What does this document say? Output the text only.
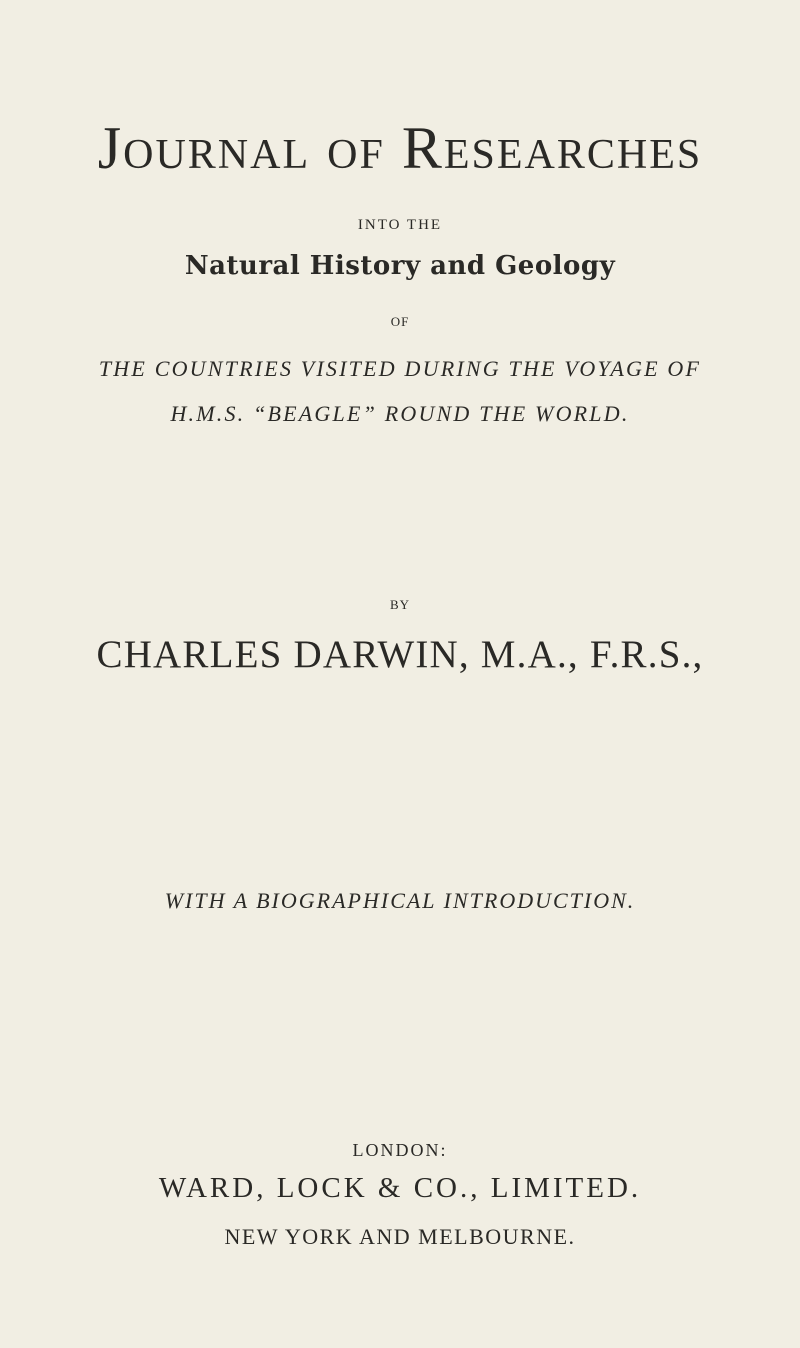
Journal of Researches
INTO THE
Natural History and Geology
OF
THE COUNTRIES VISITED DURING THE VOYAGE OF
H.M.S. “BEAGLE” ROUND THE WORLD.
BY
CHARLES DARWIN, M.A., F.R.S.,
WITH A BIOGRAPHICAL INTRODUCTION.
LONDON:
WARD, LOCK & CO., LIMITED.
NEW YORK AND MELBOURNE.
